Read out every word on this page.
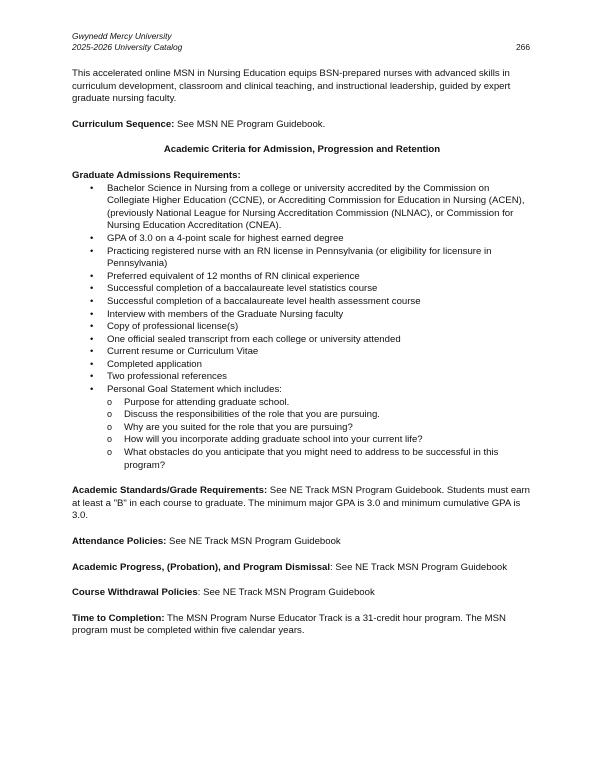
Gwynedd Mercy University
2025-2026 University Catalog	266

This accelerated online MSN in Nursing Education equips BSN-prepared nurses with advanced skills in curriculum development, classroom and clinical teaching, and instructional leadership, guided by expert graduate nursing faculty.

Curriculum Sequence: See MSN NE Program Guidebook.

Academic Criteria for Admission, Progression and Retention

Graduate Admissions Requirements:

• Bachelor Science in Nursing from a college or university accredited by the Commission on Collegiate Higher Education (CCNE), or Accrediting Commission for Education in Nursing (ACEN), (previously National League for Nursing Accreditation Commission (NLNAC), or Commission for Nursing Education Accreditation (CNEA).
• GPA of 3.0 on a 4-point scale for highest earned degree
• Practicing registered nurse with an RN license in Pennsylvania (or eligibility for licensure in Pennsylvania)
• Preferred equivalent of 12 months of RN clinical experience
• Successful completion of a baccalaureate level statistics course
• Successful completion of a baccalaureate level health assessment course
• Interview with members of the Graduate Nursing faculty
• Copy of professional license(s)
• One official sealed transcript from each college or university attended
• Current resume or Curriculum Vitae
• Completed application
• Two professional references
• Personal Goal Statement which includes:
o Purpose for attending graduate school.
o Discuss the responsibilities of the role that you are pursuing.
o Why are you suited for the role that you are pursuing?
o How will you incorporate adding graduate school into your current life?
o What obstacles do you anticipate that you might need to address to be successful in this program?

Academic Standards/Grade Requirements: See NE Track MSN Program Guidebook. Students must earn at least a "B" in each course to graduate. The minimum major GPA is 3.0 and minimum cumulative GPA is 3.0.

Attendance Policies: See NE Track MSN Program Guidebook

Academic Progress, (Probation), and Program Dismissal: See NE Track MSN Program Guidebook

Course Withdrawal Policies: See NE Track MSN Program Guidebook

Time to Completion: The MSN Program Nurse Educator Track is a 31-credit hour program. The MSN program must be completed within five calendar years.
